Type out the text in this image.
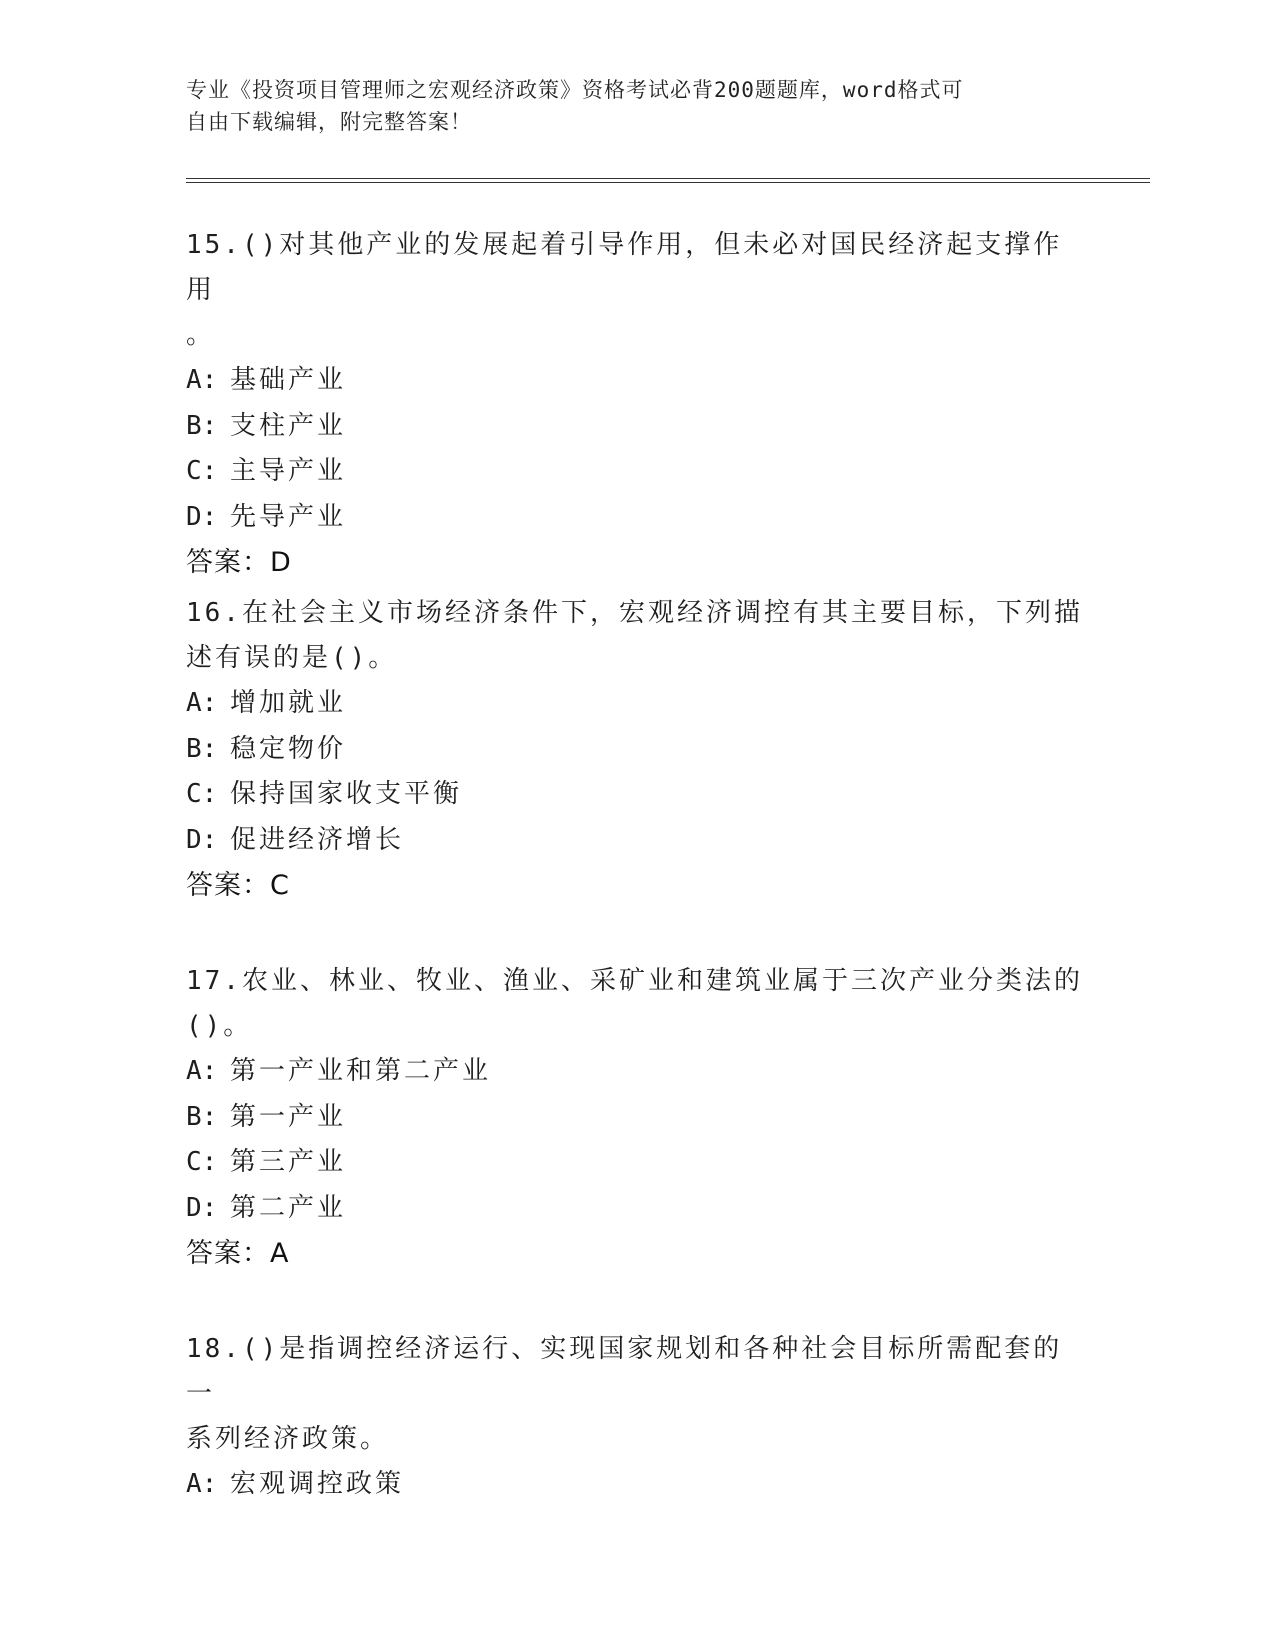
专业《投资项目管理师之宏观经济政策》资格考试必背200题题库，word格式可
自由下载编辑，附完整答案！
15.()对其他产业的发展起着引导作用，但未必对国民经济起支撑作用
。
A: 基础产业
B: 支柱产业
C: 主导产业
D: 先导产业
答案：D
16.在社会主义市场经济条件下，宏观经济调控有其主要目标，下列描
述有误的是()。
A: 增加就业
B: 稳定物价
C: 保持国家收支平衡
D: 促进经济增长
答案：C
17.农业、林业、牧业、渔业、采矿业和建筑业属于三次产业分类法的
()。
A: 第一产业和第二产业
B: 第一产业
C: 第三产业
D: 第二产业
答案：A
18.()是指调控经济运行、实现国家规划和各种社会目标所需配套的一
系列经济政策。
A: 宏观调控政策
